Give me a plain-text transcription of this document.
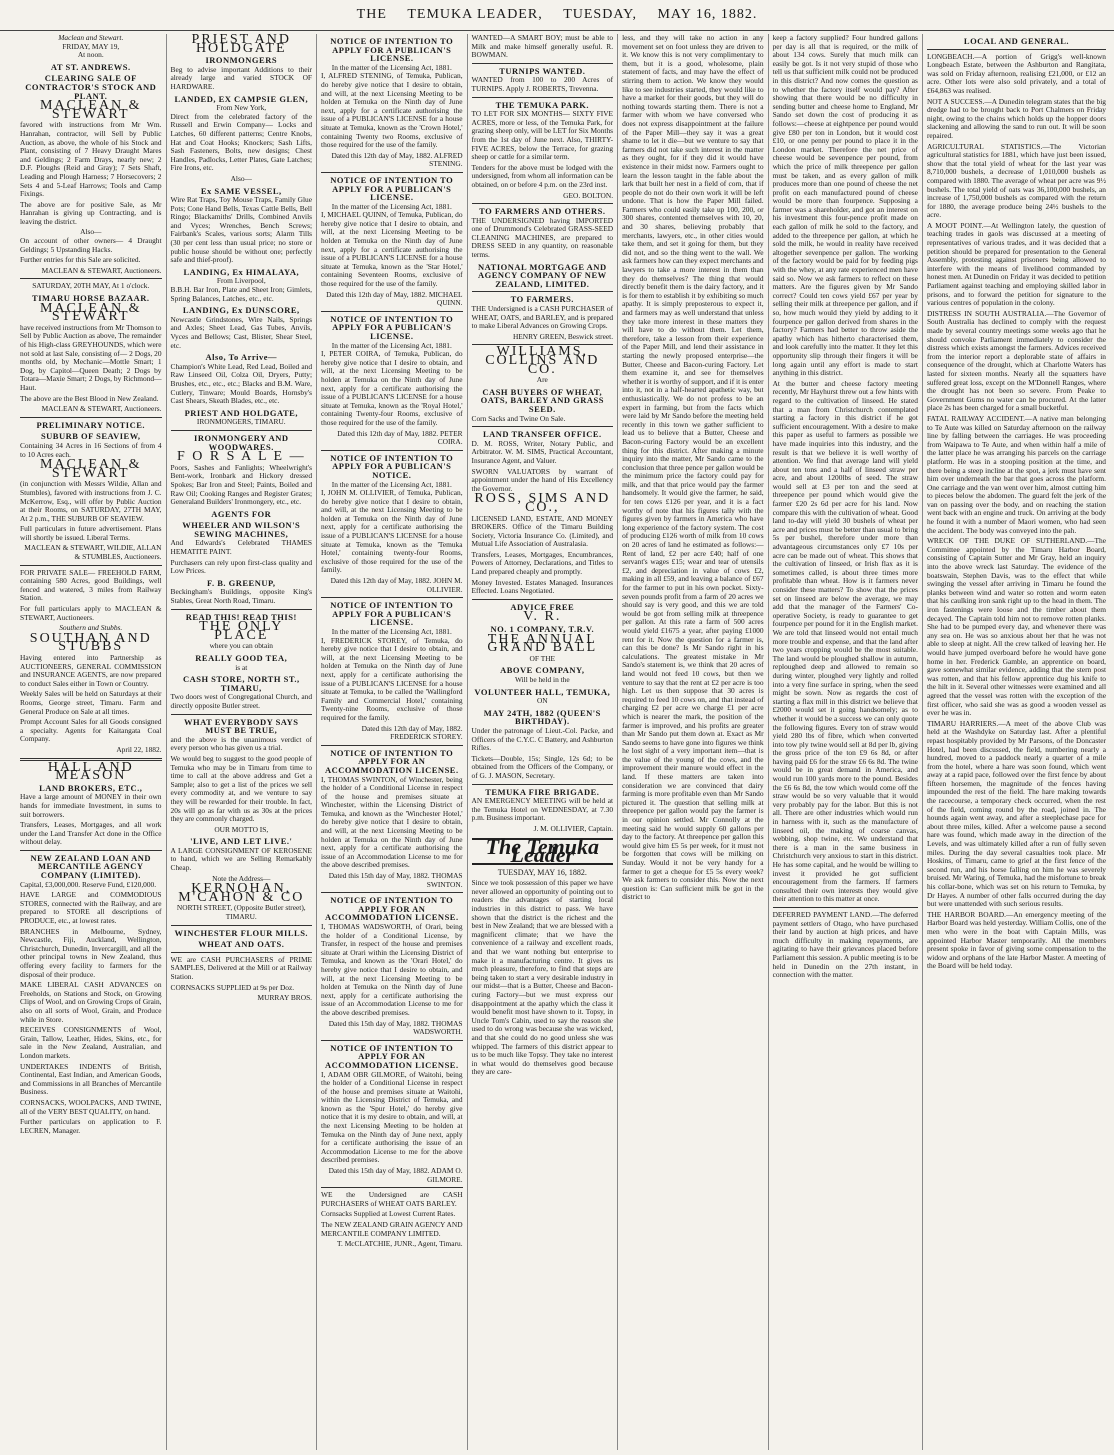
THE TEMUKA LEADER, TUESDAY, MAY 16, 1882.
Maclean and Stewart.
FRIDAY, MAY 19,
At noon.
AT ST. ANDREWS.
CLEARING SALE OF CONTRACTOR'S STOCK AND PLANT.
MACLEAN & STEWART

favored with instructions from Mr Wm. Hanrahan, contractor, will Sell by Public Auction, as above, the whole of his Stock and Plant, consisting of 7 Heavy Draught Mares and Geldings; 2 Farm Drays, nearly new; 2 D.F. Ploughs (Reid and Gray); 7 Sets Shaft, Leading and Plough Harness; 7 Horsecovers; 2 Sets 4 and 5-Leaf Harrows; Tools and Camp Fixings.

The above are for positive Sale, as Mr Hanrahan is giving up Contracting, and is leaving the district.

Also—

On account of other owners— 4 Draught Geldings; 5 Upstanding Hacks.

Further entries for this Sale are solicited.

MACLEAN & STEWART, Auctioneers.
SATURDAY, 20TH MAY, At 1 o'clock.
TIMARU HORSE BAZAAR.
MACLEAN & STEWART

have received instructions from Mr Thomson to Sell by Public Auction as above, The remainder of his High-class GREYHOUNDS, which were not sold at last Sale, consisting of— 2 Dogs, 20 months old, by Mechanic—Mottle Smart; 1 Dog, by Capitol—Queen Death; 2 Dogs by Totara—Maxie Smart; 2 Dogs, by Richmond—Haut.

The above are the Best Blood in New Zealand.

MACLEAN & STEWART, Auctioneers.
PRELIMINARY NOTICE.
SUBURB OF SEAVIEW,

Containing 34 Acres in 16 Sections of from 4 to 10 Acres each.

MACLEAN & STEWART

(in conjunction with Messrs Wildie, Allan and Stumbles), favored with instructions from J. C. McKerrow, Esq., will offer by Public Auction at their Rooms, on SATURDAY, 27TH MAY, At 2 p.m., THE SUBURB OF SEAVIEW.

Full particulars in future advertisement. Plans will shortly be issued. Liberal Terms.

MACLEAN & STEWART, WILDIE, ALLAN & STUMBLES, Auctioneers.

FOR PRIVATE SALE— FREEHOLD FARM, containing 580 Acres, good Buildings, well fenced and watered, 3 miles from Railway Station.

For full particulars apply to MACLEAN & STEWART, Auctioneers.

Southern and Stubbs.
SOUTHAN AND STUBBS

Having entered into Partnership as AUCTIONEERS, GENERAL COMMISSION and INSURANCE AGENTS, are now prepared to conduct Sales either in Town or Country.

Weekly Sales will be held on Saturdays at their Rooms, George street, Timaru. Farm and General Produce on Sale at all times.

Prompt Account Sales for all Goods consigned a specialty. Agents for Kaitangata Coal Company.

April 22, 1882.
HALL AND MEASON
LAND BROKERS, ETC.,

Have a large amount of MONEY in their own hands for immediate Investment, in sums to suit borrowers.

Transfers, Leases, Mortgages, and all work under the Land Transfer Act done in the Office without delay.

NEW ZEALAND LOAN AND MERCANTILE AGENCY COMPANY (LIMITED).

Capital, £3,000,000. Reserve Fund, £120,000.

HAVE LARGE and COMMODIOUS STORES, connected with the Railway, and are prepared to STORE all descriptions of PRODUCE, etc., at lowest rates.

BRANCHES in Melbourne, Sydney, Newcastle, Fiji, Auckland, Wellington, Christchurch, Dunedin, Invercargill, and all the other principal towns in New Zealand, thus offering every facility to farmers for the disposal of their produce.

MAKE LIBERAL CASH ADVANCES on Freeholds, on Stations and Stock, on Growing Clips of Wool, and on Growing Crops of Grain, also on all sorts of Wool, Grain, and Produce while in Store.

RECEIVES CONSIGNMENTS of Wool, Grain, Tallow, Leather, Hides, Skins, etc., for sale in the New Zealand, Australian, and London markets.

UNDERTAKES INDENTS of British, Continental, East Indian, and American Goods, and Commissions in all Branches of Mercantile Business.

CORNSACKS, WOOLPACKS, AND TWINE, all of the VERY BEST QUALITY, on hand.

Further particulars on application to F. LECREN, Manager.

PRIEST AND HOLDGATE
IRONMONGERS

Beg to advise important Additions to their already large and varied STOCK OF HARDWARE.

LANDED, EX CAMPSIE GLEN,
From New York,

Direct from the celebrated factory of the Russell and Erwin Company— Locks and Latches, 60 different patterns; Centre Knobs, Hat and Coat Hooks; Knockers; Sash Lifts, Sash Fasteners, Bolts, new designs; Chest Handles, Padlocks, Letter Plates, Gate Latches; Fire Irons, etc.

Also—
Ex SAME VESSEL,

Wire Rat Traps, Toy Mouse Traps, Family Glue Pots; Cone Hand Bells, Texas Cattle Bells, Bell Ringo; Blackamiths' Drills, Combined Anvils and Vyces; Wrenches, Bench Screws; Fairbank's Scales, various sorts; Alarm Tills (30 per cent less than usual price; no store or public house should be without one; perfectly safe and thief-proof).

LANDING, Ex HIMALAYA,
From Liverpool,

B.B.H. Bar Iron, Plate and Sheet Iron; Gimlets, Spring Balances, Latches, etc., etc.

LANDING, Ex DUNSCORE,

Newcastle Grindstones, Wire Nails, Springs and Axles; Sheet Lead, Gas Tubes, Anvils, Vyces and Bellows; Cast, Blister, Shear Steel, etc.

Also, To Arrive—

Champion's White Lead, Red Lead, Boiled and Raw Linseed Oil, Colza Oil, Dryers, Putty; Brushes, etc., etc., etc.; Blacks and B.M. Ware, Cutlery, Tinware; Mould Boards, Hornsby's Cast Shears, Skeath Blades, etc., etc.

PRIEST AND HOLDGATE,
IRONMONGERS, TIMARU.
IRONMONGERY AND WOODWARES.
F O R S A L E —

Poors, Sashes and Fanlights; Wheelwright's Bent-work, Ironbark and Hickory dressed Spokes; Bar Iron and Steel; Paints, Boiled and Raw Oil; Cooking Ranges and Register Grates; Generaland Builders' Ironmongery, etc., etc.

AGENTS FOR
WHEELER AND WILSON'S SEWING MACHINES,

And Edwards's Celebrated THAMES HEMATITE PAINT.

Purchasers can rely upon first-class quality and Low Prices.

F. B. GREENUP,

Beckingham's Buildings, opposite King's Stables, Great North Road, Timaru.

READ THIS! READ THIS!
THE ONLY PLACE
where you can obtain
REALLY GOOD TEA,
is at
CASH STORE, NORTH ST., TIMARU,

Two doors west of Congregational Church, and directly opposite Butler street.

WHAT EVERYBODY SAYS MUST BE TRUE,

and the above is the unanimous verdict of every person who has given us a trial.

We would beg to suggest to the good people of Temuka who may be in Timaru from time to time to call at the above address and Get a Sample; also to get a list of the prices we sell every commodity at, and we venture to say they will be rewarded for their trouble. In fact, 20s will go as far with us as 30s at the prices they are commonly charged.

OUR MOTTO IS,
'LIVE, AND LET LIVE.'

A LARGE CONSIGNMENT OF KEROSENE to hand, which we are Selling Remarkably Cheap.

Note the Address—
KERNOHAN, M'CAHON & CO
NORTH STREET, (Opposite Butler street), TIMARU.
WINCHESTER FLOUR MILLS.
WHEAT AND OATS.

WE are CASH PURCHASERS of PRIME SAMPLES, Delivered at the Mill or at Railway Station.

CORNSACKS SUPPLIED at 9s per Doz.

MURRAY BROS.
NOTICE OF INTENTION TO APPLY FOR A PUBLICAN'S LICENSE.
In the matter of the Licensing Act, 1881.

I, ALFRED STENING, of Temuka, Publican, do hereby give notice that I desire to obtain, and will, at the next Licensing Meeting to be holden at Temuka on the Ninth day of June next, apply for a certificate authorising the issue of a PUBLICAN'S LICENSE for a house situate at Temuka, known as the 'Crown Hotel,' containing Twenty two Rooms, exclusive of those required for the use of the family.

Dated this 12th day of May, 1882. ALFRED STENING.
NOTICE OF INTENTION TO APPLY FOR A PUBLICAN'S LICENSE.
In the matter of the Licensing Act, 1881.

I, MICHAEL QUINN, of Temuka, Publican, do hereby give notice that I desire to obtain, and will, at the next Licensing Meeting to be holden at Temuka on the Ninth day of June next, apply for a certificate authorising the issue of a PUBLICAN'S LICENSE for a house situate at Temuka, known as the 'Star Hotel,' containing Seventeen Rooms, exclusive of those required for the use of the family.

Dated this 12th day of May, 1882. MICHAEL QUINN.
NOTICE OF INTENTION TO APPLY FOR A PUBLICAN'S LICENSE.
In the matter of the Licensing Act, 1881.

I, PETER COIRA, of Temuka, Publican, do hereby give notice that I desire to obtain, and will, at the next Licensing Meeting to be holden at Temuka on the Ninth day of June next, apply for a certificate authorising the issue of a PUBLICAN'S LICENSE for a house situate at Temuka, known as the 'Royal Hotel,' containing Twenty-four Rooms, exclusive of those required for the use of the family.

Dated this 12th day of May, 1882. PETER COIRA.
NOTICE OF INTENTION TO APPLY FOR A PUBLICAN'S NOTICE.
In the matter of the Licensing Act, 1881.

I, JOHN M. OLLIVIER, of Temuka, Publican, do hereby give notice that I desire to obtain, and will, at the next Licensing Meeting to be holden at Temuka on the Ninth day of June next, apply for a certificate authorising the issue of a PUBLICAN'S LICENSE for a house situate at Temuka, known as the 'Temuka Hotel,' containing twenty-four Rooms, exclusive of those required for the use of the family.

Dated this 12th day of May, 1882. JOHN M. OLLIVIER.
NOTICE OF INTENTION TO APPLY FOR A PUBLICAN'S LICENSE.
In the matter of the Licensing Act, 1881.

I, FREDERICK STOREY, of Temuka, do hereby give notice that I desire to obtain, and will, at the next Licensing Meeting to be holden at Temuka on the Ninth day of June next, apply for a certificate authorising the issue of a PUBLICAN'S LICENSE for a house situate at Temuka, to be called the 'Wallingford Family and Commercial Hotel,' containing Twenty-nine Rooms, exclusive of those required for the family.

Dated this 12th day of May, 1882. FREDERICK STOREY.
NOTICE OF INTENTION TO APPLY FOR AN ACCOMMODATION LICENSE.

I, THOMAS SWINTON, of Winchester, being the holder of a Conditional License in respect of the house and premises situate at Winchester, within the Licensing District of Temuka, and known as the 'Winchester Hotel,' do hereby give notice that I desire to obtain, and will, at the next Licensing Meeting to be holden at Temuka on the Ninth day of June next, apply for a certificate authorising the issue of an Accommodation License to me for the above described premises.

Dated this 15th day of May, 1882. THOMAS SWINTON.
NOTICE OF INTENTION TO APPLY FOR AN ACCOMMODATION LICENSE.

I, THOMAS WADSWORTH, of Orari, being the holder of a Conditional License, by Transfer, in respect of the house and premises situate at Orari within the Licensing District of Temuka, and known as the 'Orari Hotel,' do hereby give notice that I desire to obtain, and will, at the next Licensing Meeting to be holden at Temuka on the Ninth day of June next, apply for a certificate authorising the issue of an Accommodation License to me for the above described premises.

Dated this 15th day of May, 1882. THOMAS WADSWORTH.
NOTICE OF INTENTION TO APPLY FOR AN ACCOMMODATION LICENSE.

I, ADAM OBR GILMORE, of Waitohi, being the holder of a Conditional License in respect of the house and premises situate at Waitohi, within the Licensing District of Temuka, and known as the 'Spur Hotel,' do hereby give notice that it is my desire to obtain, and will, at the next Licensing Meeting to be holden at Temuka on the Ninth day of June next, apply for a certificate authorising the issue of an Accommodation License to me for the above described premises.

Dated this 15th day of May, 1882. ADAM O. GILMORE.

WE the Undersigned are CASH PURCHASERS of WHEAT OATS BARLEY.

Cornsacks Supplied at Lowest Current Rates.

The NEW ZEALAND GRAIN AGENCY AND MERCANTILE COMPANY LIMITED.

T. McCLATCHIE, JUNR., Agent, Timaru.

WANTED—A SMART BOY; must be able to Milk and make himself generally useful. R. BOWMAN.

TURNIPS WANTED.

WANTED from 100 to 200 Acres of TURNIPS. Apply J. ROBERTS, Trevenna.

THE TEMUKA PARK.

TO LET FOR SIX MONTHS— SIXTY FIVE ACRES, more or less, of the Temuka Park, for grazing sheep only, will be LET for Six Months from the 1st day of June next. Also, THIRTY-FIVE ACRES, below the Terrace, for grazing sheep or cattle for a similar term.

Tenders for the above must be lodged with the undersigned, from whom all information can be obtained, on or before 4 p.m. on the 23rd inst.

GEO. BOLTON.
TO FARMERS AND OTHERS.

THE UNDERSIGNED having IMPORTED one of Drummond's Celebrated GRASS-SEED CLEANING MACHINES, are prepared to DRESS SEED in any quantity, on reasonable terms.

NATIONAL MORTGAGE AND AGENCY COMPANY OF NEW ZEALAND, LIMITED.
TO FARMERS.

THE Undersigned is a CASH PURCHASER of WHEAT, OATS, and BARLEY, and is prepared to make Liberal Advances on Growing Crops.

HENRY GREEN, Beswick street.
WILLIAMS, COLLINS AND CO.
Are
CASH BUYERS OF WHEAT, OATS, BARLEY AND GRASS SEED.

Corn Sacks and Twine On Sale.

LAND TRANSFER OFFICE.

D. M. ROSS, Writer, Notary Public, and Arbitrator. W. M. SIMS, Practical Accountant, Insurance Agent, and Valuer.

SWORN VALUATORS by warrant of appointment under the hand of His Excellency the Governor.

ROSS, SIMS AND CO.,

LICENSED LAND, ESTATE, AND MONEY BROKERS. Office of the Timaru Building Society, Victoria Insurance Co. (Limited), and Mutual Life Association of Australasia.

Transfers, Leases, Mortgages, Encumbrances, Powers of Attorney, Declarations, and Titles to Land prepared cheaply and promptly.

Money Invested. Estates Managed. Insurances Effected. Loans Negotiated.

ADVICE FREE
V. R.
NO. 1 COMPANY, T.R.V.
THE ANNUAL GRAND BALL
OF THE
ABOVE COMPANY,
Will be held in the
VOLUNTEER HALL, TEMUKA,
ON
MAY 24TH, 1882 (QUEEN'S BIRTHDAY).

Under the patronage of Lieut.-Col. Packe, and Officers of the C.Y.C. C Battery, and Ashburton Rifles.

Tickets—Double, 15s; Single, 12s 6d; to be obtained from the Officers of the Company, or of G. J. MASON, Secretary.

TEMUKA FIRE BRIGADE.

AN EMERGENCY MEETING will be held at the Temuka Hotel on WEDNESDAY, at 7.30 p.m. Business important.

J. M. OLLIVIER, Captain.
The Temuka Leader
TUESDAY, MAY 16, 1882.

Since we took possession of this paper we have never allowed an opportunity of pointing out to readers the advantages of starting local industries in this district to pass. We have shown that the district is the richest and the best in New Zealand; that we are blessed with a magnificent climate; that we have the convenience of a railway and excellent roads, and that we want nothing but enterprise to make it a manufacturing centre. It gives us much pleasure, therefore, to find that steps are being taken to start a very desirable industry in our midst—that is a Butter, Cheese and Bacon-curing Factory—but we must express our disappointment at the apathy which the class it would benefit most have shown to it. Topsy, in Uncle Tom's Cabin, used to say the reason she used to do wrong was because she was wicked, and that she could do no good unless she was whipped. The farmers of this district appear to us to be much like Topsy. They take no interest in what would do themselves good because they are care-

less, and they will take no action in any movement set on foot unless they are driven to it. We know this is not very complimentary to them, but it is a good, wholesome, plain statement of facts, and may have the effect of stirring them to action. We know they would like to see industries started, they would like to have a market for their goods, but they will do nothing towards starting them. There is not a farmer with whom we have conversed who does not express disappointment at the failure of the Paper Mill—they say it was a great shame to let it die—but we venture to say that farmers did not take such interest in the matter as they ought, for if they did it would have existence in their midst now. Farmers ought to learn the lesson taught in the fable about the lark that built her nest in a field of corn, that if people do not do their own work it will be left undone. That is how the Paper Mill failed. Farmers who could easily take up 100, 200, or 300 shares, contented themselves with 10, 20, and 30 shares, believing probably that merchants, lawyers, etc., in other cities would take them, and set it going for them, but they did not, and so the thing went to the wall. We ask farmers how can they expect merchants and lawyers to take a more interest in them than they do themselves? The thing that would directly benefit them is the dairy factory, and it is for them to establish it by exhibiting so much apathy. It is simply preposterous to expect it, and farmers may as well understand that unless they take more interest in these matters they will have to do without them. Let them, therefore, take a lesson from their experience of the Paper Mill, and lend their assistance in starting the newly proposed enterprise—the Butter, Cheese and Bacon-curing Factory. Let them examine it, and see for themselves whether it is worthy of support, and if it is enter into it, not in a half-hearted apathetic way, but enthusiastically. We do not profess to be an expert in farming, but from the facts which were laid by Mr Sando before the meeting held recently in this town we gather sufficient to lead us to believe that a Butter, Cheese and Bacon-curing Factory would be an excellent thing for this district. After making a minute inquiry into the matter, Mr Sando came to the conclusion that three pence per gallon would be the minimum price the factory could pay for milk, and that that price would pay the farmer handsomely. It would give the farmer, he said, for ten cows £126 per year, and it is a fact worthy of note that his figures tally with the figures given by farmers in America who have long experience of the factory system. The cost of producing £126 worth of milk from 10 cows on 20 acres of land he estimated as follows:— Rent of land, £2 per acre £40; half of one servant's wages £15; wear and tear of utensils £2, and depreciation in value of cows £2, making in all £59, and leaving a balance of £67 for the farmer to put in his own pocket. Sixty-seven pounds profit from a farm of 20 acres we should say is very good, and this we are told would be got from selling milk at threepence per gallon. At this rate a farm of 500 acres would yield £1675 a year, after paying £1000 rent for it. Now the question for a farmer is, can this be done? Is Mr Sando right in his calculations. The greatest mistake in Mr Sando's statement is, we think that 20 acres of land would not feed 10 cows, but then we venture to say that the rent at £2 per acre is too high. Let us then suppose that 30 acres is required to feed 10 cows on, and that instead of charging £2 per acre we charge £1 per acre which is nearer the mark, the position of the farmer is improved, and his profits are greater than Mr Sando put them down at. Exact as Mr Sando seems to have gone into figures we think he lost sight of a very important item—that is the value of the young of the cows, and the improvement their manure would effect in the land. If these matters are taken into consideration we are convinced that dairy farming is more profitable even than Mr Sando pictured it. The question that selling milk at threepence per gallon would pay the farmer is in our opinion settled. Mr Connolly at the meeting said he would supply 60 gallons per day to the factory. At threepence per gallon this would give him £5 5s per week, for it must not be forgotten that cows will be milking on Sunday. Would it not be very handy for a farmer to get a cheque for £5 5s every week? We ask farmers to consider this. Now the next question is: Can sufficient milk be got in the district to

keep a factory supplied? Four hundred gallons per day is all that is required, or the milk of about 134 cows. Surely that much milk can easily be got. Is it not very stupid of those who tell us that sufficient milk could not be produced in this district? And now comes the question as to whether the factory itself would pay? After showing that there would be no difficulty in sending butter and cheese home to England, Mr Sando set down the cost of producing it as follows:—cheese at eightpence per pound would give £80 per ton in London, but it would cost £10, or one penny per pound to place it in the London market. Therefore the net price of cheese would be sevenpence per pound, from which the price of milk threepence per gallon must be taken, and as every gallon of milk produces more than one pound of cheese the net profit on each manufactured pound of cheese would be more than fourpence. Supposing a farmer was a shareholder, and got an interest on his investment this four-pence profit made on each gallon of milk he sold to the factory, and added to the threepence per gallon, at which he sold the milk, he would in reality have received altogether sevenpence per gallon. The working of the factory would be paid for by feeding pigs with the whey, at any rate experienced men have said so. Now we ask farmers to reflect on these matters. Are the figures given by Mr Sando correct? Could ten cows yield £67 per year by selling their milk at threepence per gallon, and if so, how much would they yield by adding to it fourpence per gallon derived from shares in the factory? Farmers had better to throw aside the apathy which has hitherto characterised them, and look carefully into the matter. It they let this opportunity slip through their fingers it will be long again until any effort is made to start anything in this district.

At the butter and cheese factory meeting recently, Mr Hayhurst threw out a few hints with regard to the cultivation of linseed. He stated that a man from Christchurch contemplated starting a factory in this district if he got sufficient encouragement. With a desire to make this paper as useful to farmers as possible we have made inquiries into this industry, and the result is that we believe it is well worthy of attention. We find that average land will yield about ten tons and a half of linseed straw per acre, and about 1200lbs of seed. The straw would sell at £3 per ton and the seed at threepence per pound which would give the farmer £20 2s 6d per acre for his land. Now compare this with the cultivation of wheat. Good land to-day will yield 30 bushels of wheat per acre and prices must be better than usual to bring 5s per bushel, therefore under more than advantageous circumstances only £7 10s per acre can be made out of wheat. This shows that the cultivation of linseed, or Irish flax as it is sometimes called, is about three times more profitable than wheat. How is it farmers never consider these matters? To show that the prices set on linseed are below the average, we may add that the manager of the Farmers' Co-operative Society, is ready to guarantee to get fourpence per pound for it in the English market. We are told that linseed would not entail much more trouble and expense, and that the land after two years cropping would be the most suitable. The land would be ploughed shallow in autumn, reploughed deep and allowed to remain so during winter, ploughed very lightly and rolled into a very fine surface in spring, when the seed might be sown. Now as regards the cost of starting a flax mill in this district we believe that £2000 would set it going handsomely; as to whether it would be a success we can only quote the following figures. Every ton of straw would yield 280 lbs of fibre, which when converted into tow ply twine would sell at 8d per lb, giving the gross price of the ton £9 6s 8d, or after having paid £6 for the straw £6 6s 8d. The twine would be in great demand in America, and would run 100 yards more to the pound. Besides the £6 6s 8d, the tow which would come off the straw would be so very valuable that it would very probably pay for the labor. But this is not all. There are other industries which would run in harness with it, such as the manufacture of linseed oil, the making of coarse canvas, webbing, shop twine, etc. We understand that there is a man in the same business in Christchurch very anxious to start in this district. He has some capital, and he would be willing to invest it provided he got sufficient encouragement from the farmers. If farmers consulted their own interests they would give their attention to this matter at once.

DEFERRED PAYMENT LAND.—The deferred payment settlers of Otago, who have purchased their land by auction at high prices, and have much difficulty in making repayments, are agitating to have their grievances placed before Parliament this session. A public meeting is to be held in Dunedin on the 27th instant, in connection with the matter.

LOCAL AND GENERAL.

LONGBEACH.—A portion of Grigg's well-known Longbeach Estate, between the Ashburton and Rangitata, was sold on Friday afternoon, realising £21,000, or £12 an acre. Other lots were also sold privately, and a total of £64,863 was realised.

NOT A SUCCESS.—A Dunedin telegram states that the big dredge had to be brought back to Port Chalmers on Friday night, owing to the chains which holds up the hopper doors slackening and allowing the sand to run out. It will be soon repaired.

AGRICULTURAL STATISTICS.—The Victorian agricultural statistics for 1881, which have just been issued, show that the total yield of wheat for the last year was 8,710,000 bushels, a decrease of 1,010,000 bushels as compared with 1880. The average of wheat per acre was 9½ bushels. The total yield of oats was 36,100,000 bushels, an increase of 1,750,000 bushels as compared with the return for 1880, the average produce being 24½ bushels to the acre.

A MOOT POINT.—At Wellington lately, the question of teaching trades in gaols was discussed at a meeting of representatives of various trades, and it was decided that a petition should be prepared for presentation to the General Assembly, protesting against prisoners being allowed to interfere with the means of livelihood commanded by honest men. At Dunedin on Friday it was decided to petition Parliament against teaching and employing skilled labor in prisons, and to forward the petition for signature to the various centres of population in the colony.

DISTRESS IN SOUTH AUSTRALIA.—The Governor of South Australia has declined to comply with the request made by several country meetings some weeks ago that he should convoke Parliament immediately to consider the distress which exists amongst the farmers. Advices received from the interior report a deplorable state of affairs in consequence of the drought, which at Charlotte Waters has lasted for sixteen months. Nearly all the squatters have suffered great loss, except on the M'Donnell Ranges, where the drought has not been so severe. From Peake to Government Gums no water can be procured. At the latter place 2s has been charged for a small bucketful.

FATAL RAILWAY ACCIDENT.—A native man belonging to Te Aute was killed on Saturday afternoon on the railway line by falling between the carriages. He was proceeding from Waipawa to Te Aute, and when within half a mile of the latter place he was arranging his parcels on the carriage platform. He was in a stooping position at the time, and there being a steep incline at the spot, a jerk must have sent him over underneath the bar that goes across the platform. One carriage and the van went over him, almost cutting him to pieces below the abdomen. The guard felt the jerk of the van on passing over the body, and on reaching the station went back with an engine and truck. On arriving at the body he found it with a number of Maori women, who had seen the accident. The body was conveyed into the pah.

WRECK OF THE DUKE OF SUTHERLAND.—The Committee appointed by the Timaru Harbor Board, consisting of Captain Sutter and Mr Gray, held an inquiry into the above wreck last Saturday. The evidence of the boatswain, Stephen Davis, was to the effect that while swinging the vessel after arriving in Timaru he found the planks between wind and water so rotten and worm eaten that his caulking iron sank right up to the head in them. The iron fastenings were loose and the timber about them decayed. The Captain told him not to remove rotten planks. She had to be pumped every day, and whenever there was any sea on. He was so anxious about her that he was not able to sleep at night. All the crew talked of leaving her. He would have jumped overboard before he would have gone home in her. Frederick Gamble, an apprentice on board, gave somewhat similar evidence, adding that the stern post was rotten, and that his fellow apprentice dug his knife to the hilt in it. Several other witnesses were examined and all agreed that the vessel was rotten with the exception of the first officer, who said she was as good a wooden vessel as ever he was in.

TIMARU HARRIERS.—A meet of the above Club was held at the Washdyke on Saturday last. After a plentiful repast hospitably provided by Mr Parsons, of the Doncaster Hotel, had been discussed, the field, numbering nearly a hundred, moved to a paddock nearly a quarter of a mile from the hotel, where a hare was soon found, which went away at a rapid pace, followed over the first fence by about fifteen horsemen, the magnitude of the fences having impounded the rest of the field. The hare making towards the racecourse, a temporary check occurred, when the rest of the field, coming round by the road, joined in. The hounds again went away, and after a steeplechase pace for about three miles, killed. After a welcome pause a second hare was found, which made away in the direction of the Levels, and was ultimately killed after a run of fully seven miles. During the day several casualties took place. Mr Hoskins, of Timaru, came to grief at the first fence of the second run, and his horse falling on him he was severely bruised. Mr Waring, of Temuka, had the misfortune to break his collar-bone, which was set on his return to Temuka, by Dr Hayes. A number of other falls occurred during the day but were unattended with such serious results.

THE HARBOR BOARD.—An emergency meeting of the Harbor Board was held yesterday. William Collis, one of the men who were in the boat with Captain Mills, was appointed Harbor Master temporarily. All the members present spoke in favor of giving some compensation to the widow and orphans of the late Harbor Master. A meeting of the Board will be held today.
